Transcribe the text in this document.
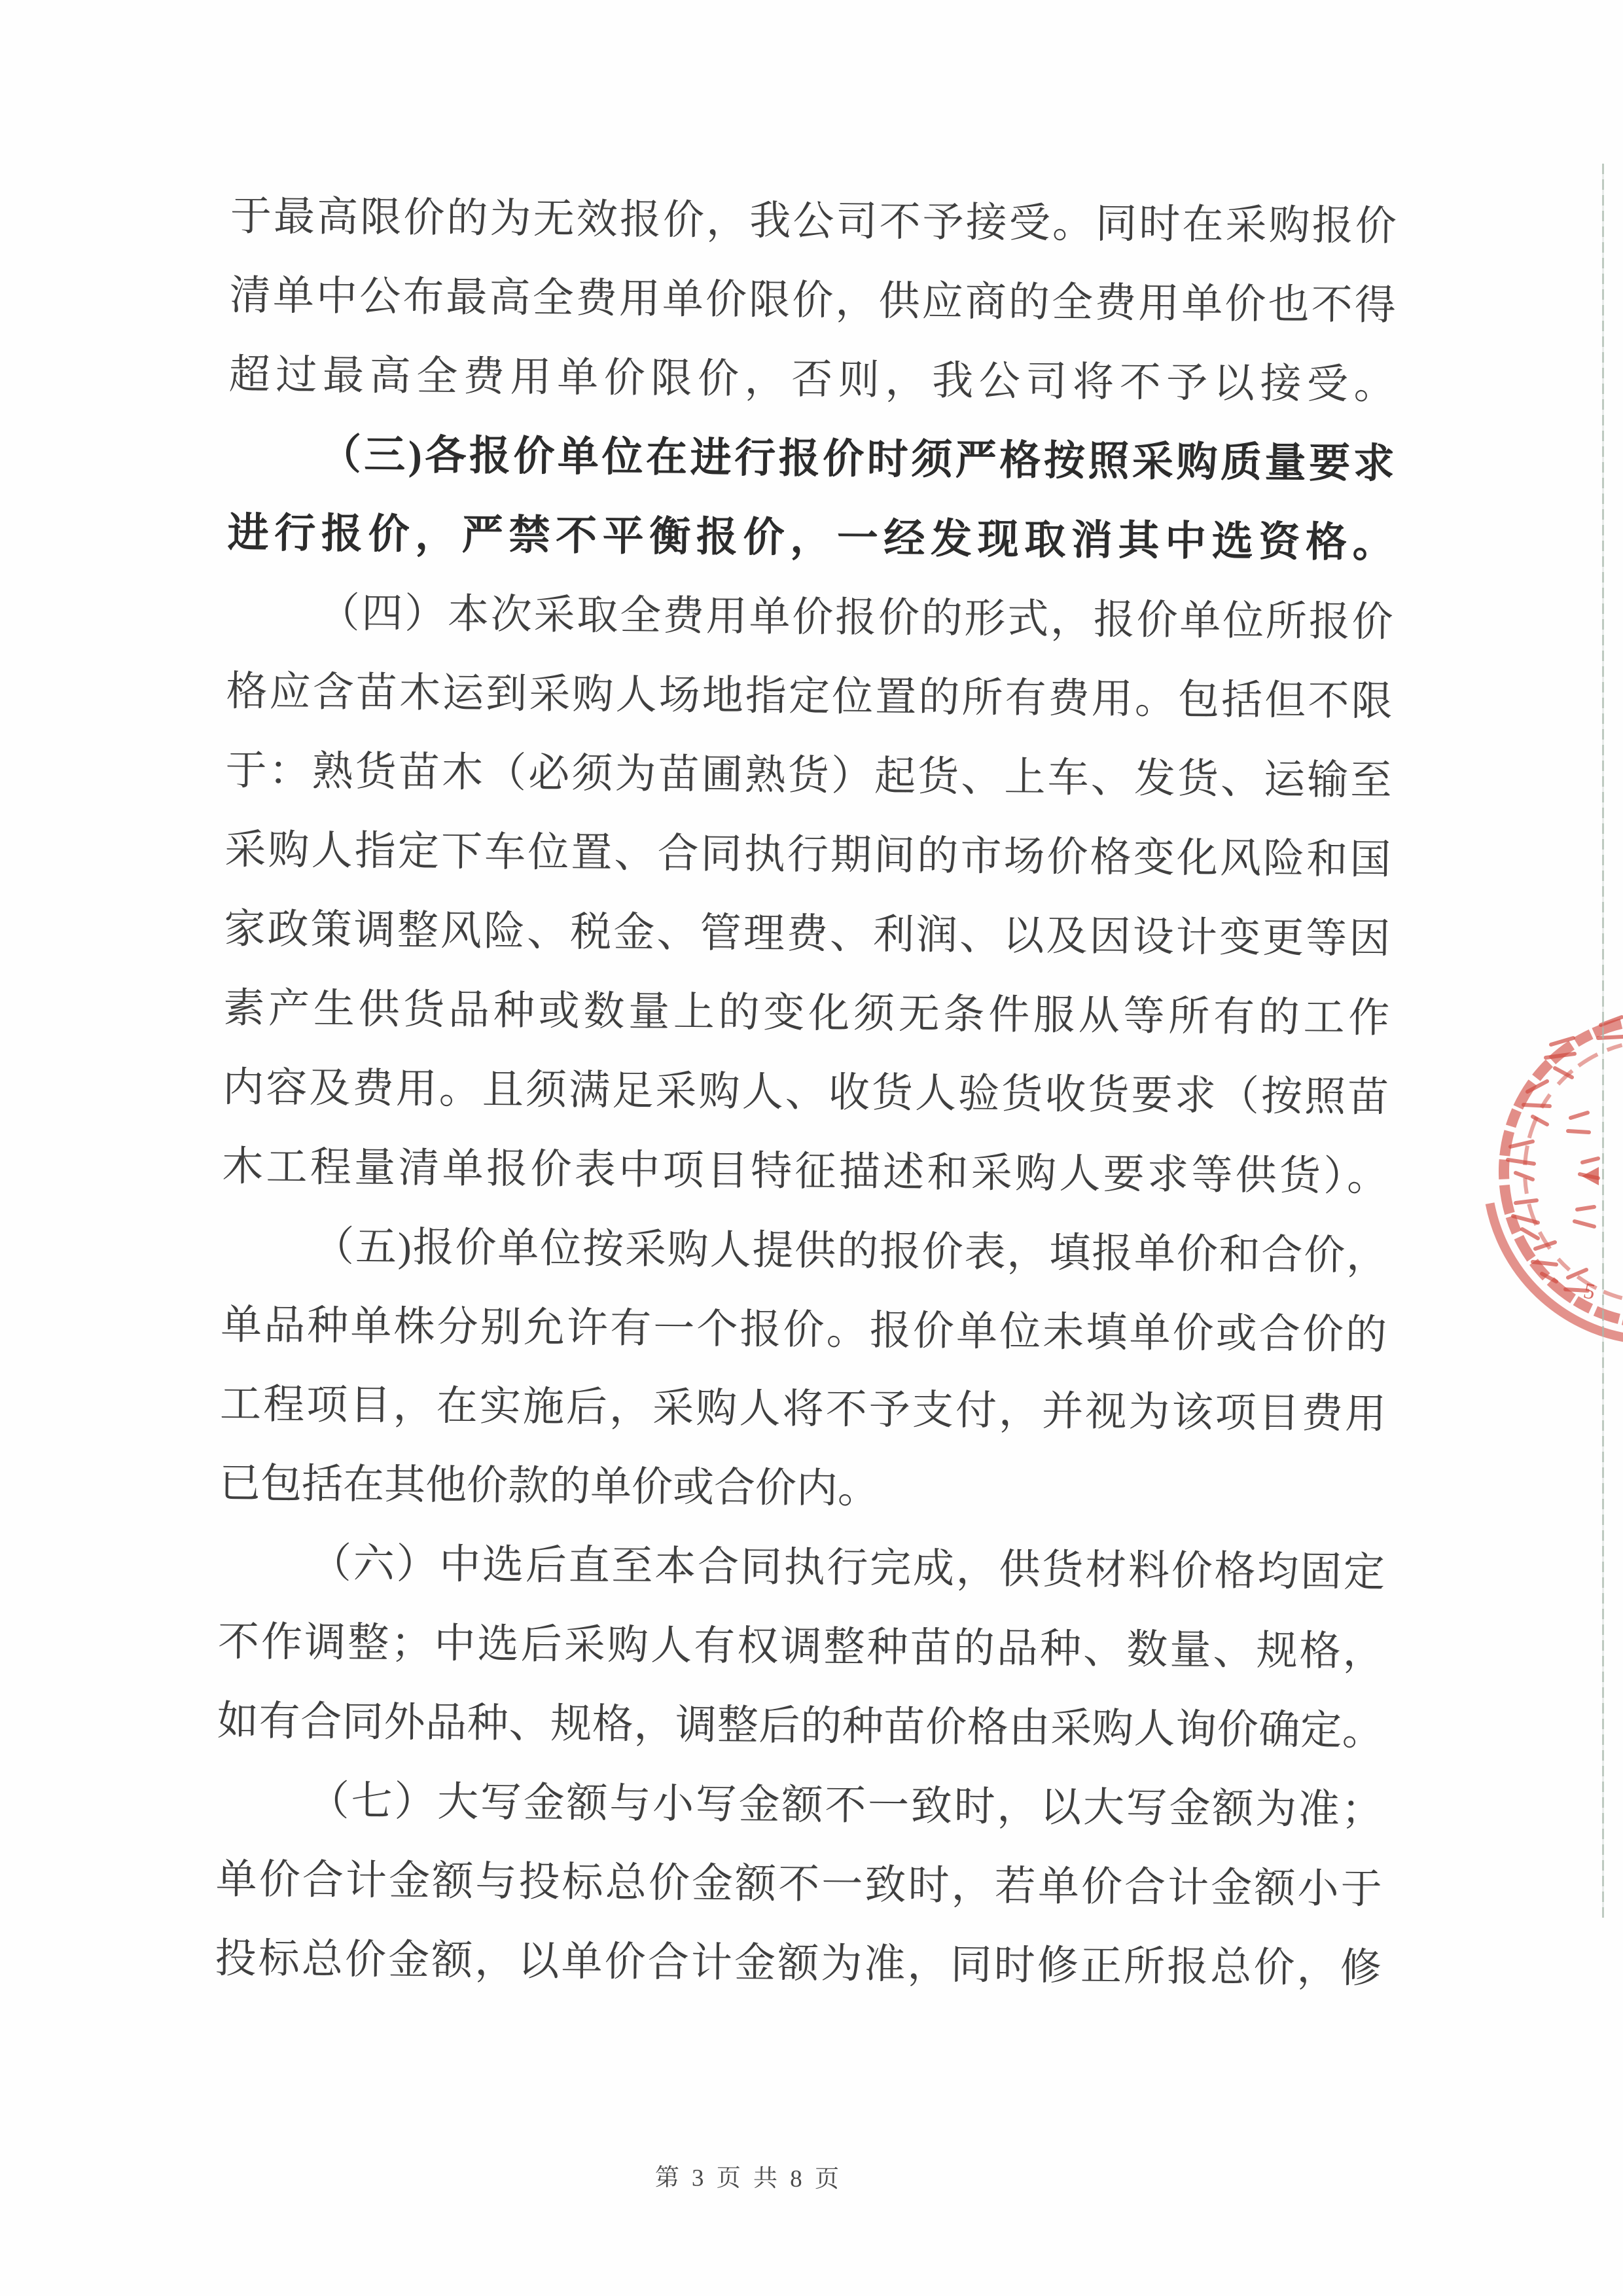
于最高限价的为无效报价，我公司不予接受。同时在采购报价
清单中公布最高全费用单价限价，供应商的全费用单价也不得
超过最高全费用单价限价，否则，我公司将不予以接受。
（三)各报价单位在进行报价时须严格按照采购质量要求
进行报价，严禁不平衡报价，一经发现取消其中选资格。
（四）本次采取全费用单价报价的形式，报价单位所报价
格应含苗木运到采购人场地指定位置的所有费用。包括但不限
于：熟货苗木（必须为苗圃熟货）起货、上车、发货、运输至
采购人指定下车位置、合同执行期间的市场价格变化风险和国
家政策调整风险、税金、管理费、利润、以及因设计变更等因
素产生供货品种或数量上的变化须无条件服从等所有的工作
内容及费用。且须满足采购人、收货人验货收货要求（按照苗
木工程量清单报价表中项目特征描述和采购人要求等供货）。
（五)报价单位按采购人提供的报价表，填报单价和合价，
单品种单株分别允许有一个报价。报价单位未填单价或合价的
工程项目，在实施后，采购人将不予支付，并视为该项目费用
已包括在其他价款的单价或合价内。
（六）中选后直至本合同执行完成，供货材料价格均固定
不作调整；中选后采购人有权调整种苗的品种、数量、规格，
如有合同外品种、规格，调整后的种苗价格由采购人询价确定。
（七）大写金额与小写金额不一致时，以大写金额为准；
单价合计金额与投标总价金额不一致时，若单价合计金额小于
投标总价金额，以单价合计金额为准，同时修正所报总价，修
第 3 页 共 8 页
5
